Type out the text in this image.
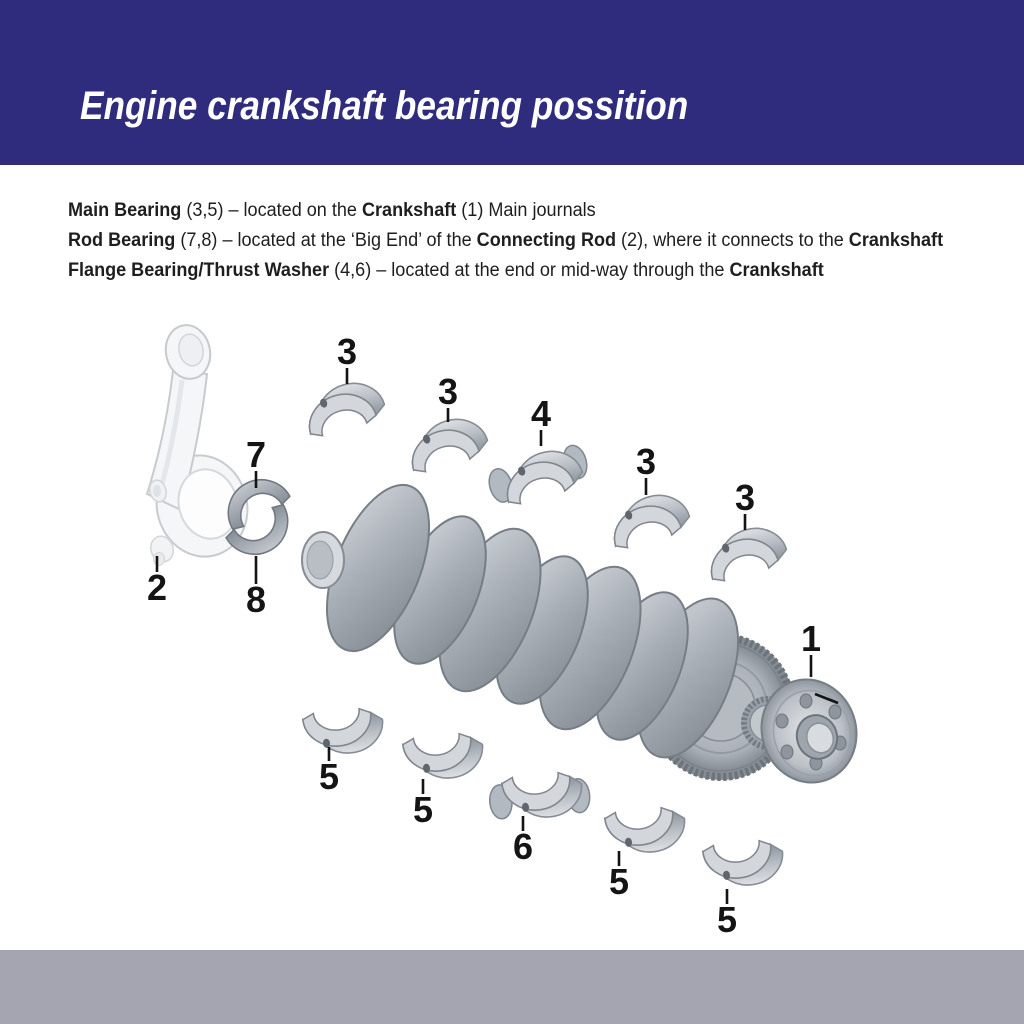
Engine crankshaft bearing possition

Main Bearing (3,5) – located on the Crankshaft (1) Main journals

Rod Bearing (7,8) – located at the ‘Big End’ of the Connecting Rod (2), where it connects to the Crankshaft

Flange Bearing/Thrust Washer (4,6) – located at the end or mid-way through the Crankshaft

3
3
4
3
3
7
2 8
1
5
5
6
5
5
